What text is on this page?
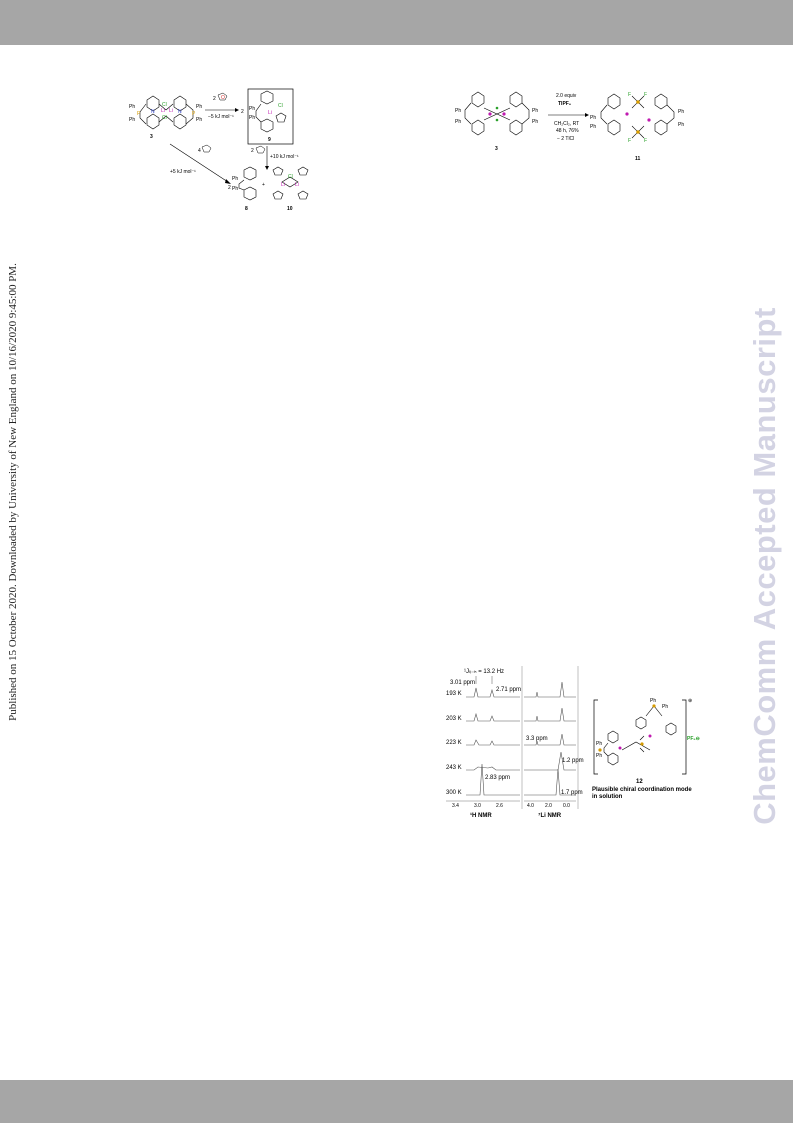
Published on 15 October 2020. Downloaded by University of New England on 10/16/2020 9:45:00 PM.	ChemComm Accepted Manuscript
Ph
Ph
Ph
Ph
P	P
Li Li
Cl
Cl
N	N
3
2 O
−5 kJ mol⁻¹
2 Ph
Ph
Li
Cl
9
4
+5 kJ mol⁻¹
2
+10 kJ mol⁻¹
2
Ph
Ph
8
+	Li Li
Cl
10
Ph
Ph
Ph
Ph
3
2.0 equiv
TlPF₆
CH₂Cl₂, RT
48 h, 76%
− 2 TlCl
F	F
F	F
Ph
Ph
Ph
Ph
11
193 K
203 K
223 K
243 K
300 K
¹Jₗᵢ₋ₕ = 13.2 Hz
3.01 ppm
2.71 ppm
3.3 ppm
1.2 ppm
2.83 ppm
1.7 ppm
3.4	3.0	2.6	4.0 2.0 0.0
¹H NMR	⁷Li NMR
⊕
PF₆⊖
Ph
Ph
Ph
Ph
12
Plausible chiral coordination mode
in solution
